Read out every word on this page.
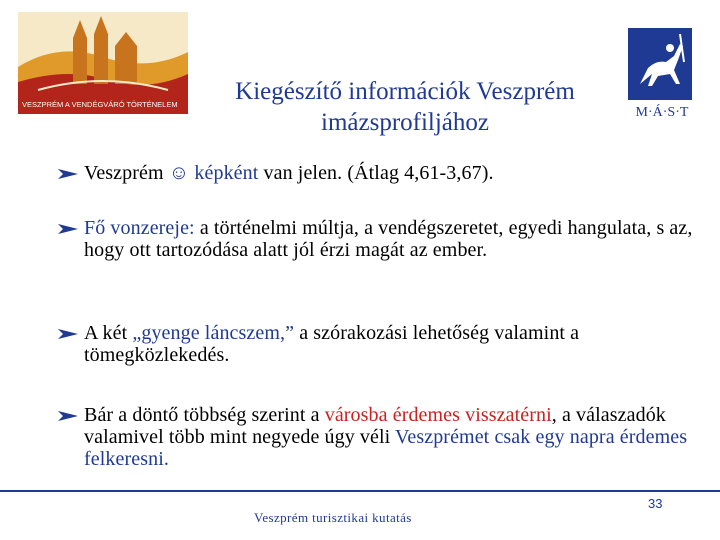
VESZPRÉM A VENDÉGVÁRÓ TÖRTÉNELEM
M·Á·S·T
Kiegészítő információk Veszprém
imázsprofiljához
Veszprém ☺ képként van jelen. (Átlag 4,61-3,67).
Fő vonzereje: a történelmi múltja, a vendégszeretet, egyedi hangulata, s az, hogy ott tartozódása alatt jól érzi magát az ember.
A két „gyenge láncszem,” a szórakozási lehetőség valamint a tömegközlekedés.
Bár a döntő többség szerint a városba érdemes visszatérni, a válaszadók valamivel több mint negyede úgy véli Veszprémet csak egy napra érdemes felkeresni.
33
Veszprém turisztikai kutatás
